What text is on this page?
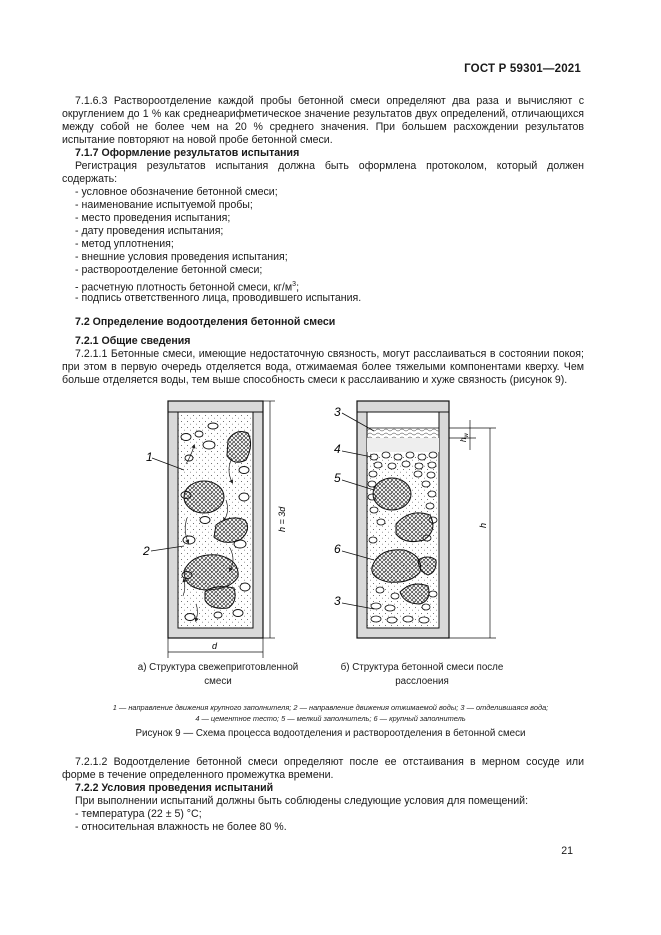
ГОСТ Р 59301—2021
7.1.6.3 Раствороотделение каждой пробы бетонной смеси определяют два раза и вычисляют с округлением до 1 % как среднеарифметическое значение результатов двух определений, отличающихся между собой не более чем на 20 % среднего значения. При большем расхождении результатов испытание повторяют на новой пробе бетонной смеси.
7.1.7 Оформление результатов испытания
Регистрация результатов испытания должна быть оформлена протоколом, который должен содержать:
- условное обозначение бетонной смеси;
- наименование испытуемой пробы;
- место проведения испытания;
- дату проведения испытания;
- метод уплотнения;
- внешние условия проведения испытания;
- раствороотделение бетонной смеси;
- расчетную плотность бетонной смеси, $кг/м^3$;
- подпись ответственного лица, проводившего испытания.
7.2 Определение водоотделения бетонной смеси
7.2.1 Общие сведения
7.2.1.1 Бетонные смеси, имеющие недостаточную связность, могут расслаиваться в состоянии покоя; при этом в первую очередь отделяется вода, отжимаемая более тяжелыми компонентами кверху. Чем больше отделяется воды, тем выше способность смеси к расслаиванию и хуже связность (рисунок 9).
1
2
h = 3d
d
3
4
5
6
3
h
$h_w$
а) Структура свежеприготовленной
смеси
б) Структура бетонной смеси после
расслоения
1 — направление движения крупного заполнителя; 2 — направление движения отжимаемой воды; 3 — отделившаяся вода;
4 — цементное тесто; 5 — мелкий заполнитель; 6 — крупный заполнитель
Рисунок 9 — Схема процесса водоотделения и раствороотделения в бетонной смеси
7.2.1.2 Водоотделение бетонной смеси определяют после ее отстаивания в мерном сосуде или форме в течение определенного промежутка времени.
7.2.2 Условия проведения испытаний
При выполнении испытаний должны быть соблюдены следующие условия для помещений:
- температура (22 ± 5) °С;
- относительная влажность не более 80 %.
21
